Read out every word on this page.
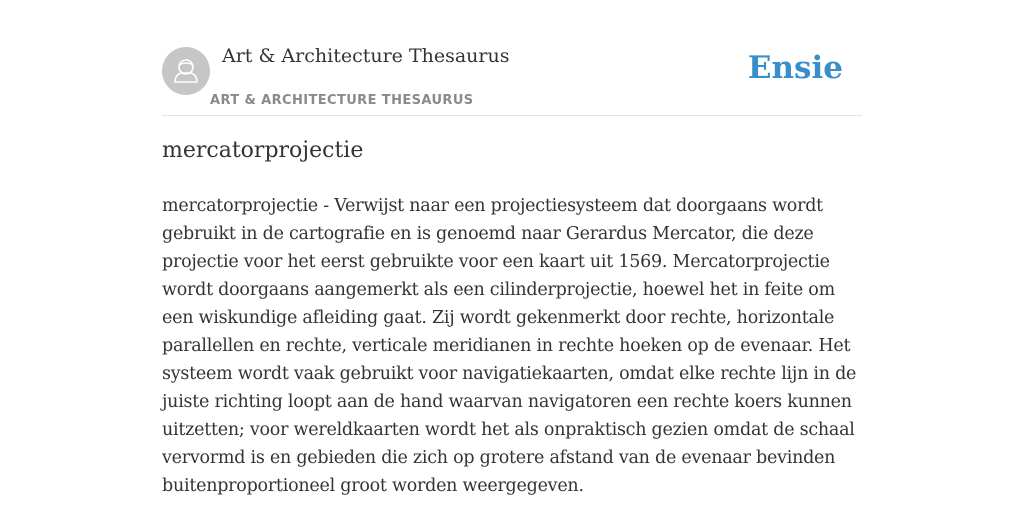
Art & Architecture Thesaurus
ART & ARCHITECTURE THESAURUS
Ensie
mercatorprojectie

mercatorprojectie - Verwijst naar een projectiesysteem dat doorgaans wordt gebruikt in de cartografie en is genoemd naar Gerardus Mercator, die deze projectie voor het eerst gebruikte voor een kaart uit 1569. Mercatorprojectie wordt doorgaans aangemerkt als een cilinderprojectie, hoewel het in feite om een wiskundige afleiding gaat. Zij wordt gekenmerkt door rechte, horizontale parallellen en rechte, verticale meridianen in rechte hoeken op de evenaar. Het systeem wordt vaak gebruikt voor navigatiekaarten, omdat elke rechte lijn in de juiste richting loopt aan de hand waarvan navigatoren een rechte koers kunnen uitzetten; voor wereldkaarten wordt het als onpraktisch gezien omdat de schaal vervormd is en gebieden die zich op grotere afstand van de evenaar bevinden buitenproportioneel groot worden weergegeven.
